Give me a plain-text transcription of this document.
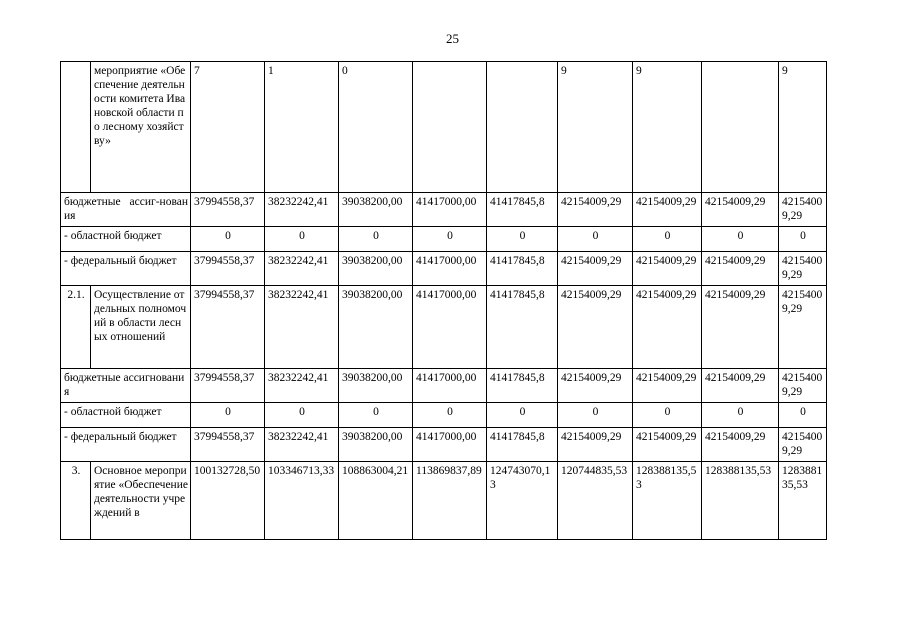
25
	мероприятие «Обеспечение деятельности комитета Ивановской области по лесному хозяйству»	7	1	0			9	9		9	
бюджетные ассиг-нования		37994558,37	38232242,41	39038200,00	41417000,00	41417845,8	42154009,29	42154009,29	42154009,29	42154009,29	
- областной бюджет		0	0	0	0	0	0	0	0	0	
- федеральный бюджет		37994558,37	38232242,41	39038200,00	41417000,00	41417845,8	42154009,29	42154009,29	42154009,29	42154009,29	
2.1.	Осуществление отдельных полномочий в области лесных отношений	37994558,37	38232242,41	39038200,00	41417000,00	41417845,8	42154009,29	42154009,29	42154009,29	42154009,29	
бюджетные ассигнования		37994558,37	38232242,41	39038200,00	41417000,00	41417845,8	42154009,29	42154009,29	42154009,29	42154009,29	
- областной бюджет		0	0	0	0	0	0	0	0	0	
- федеральный бюджет		37994558,37	38232242,41	39038200,00	41417000,00	41417845,8	42154009,29	42154009,29	42154009,29	42154009,29	
3.	Основное мероприятие «Обеспечение деятельности учреждений в	100132728,50	103346713,33	108863004,21	113869837,89	124743070,13	120744835,53	128388135,53	128388135,53	128388135,53	
